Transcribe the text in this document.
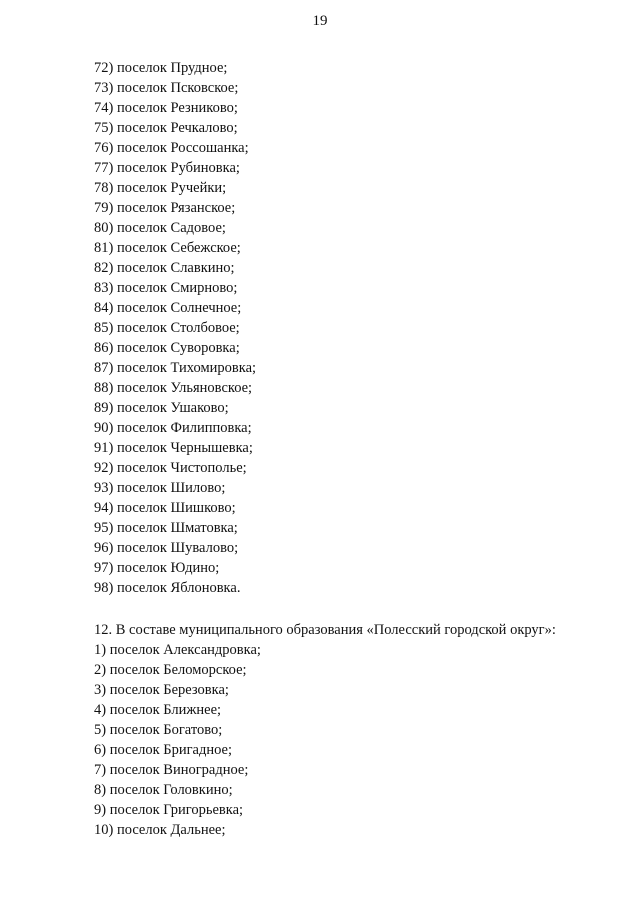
19
72) поселок Прудное;
73) поселок Псковское;
74) поселок Резниково;
75) поселок Речкалово;
76) поселок Россошанка;
77) поселок Рубиновка;
78) поселок Ручейки;
79) поселок Рязанское;
80) поселок Садовое;
81) поселок Себежское;
82) поселок Славкино;
83) поселок Смирново;
84) поселок Солнечное;
85) поселок Столбовое;
86) поселок Суворовка;
87) поселок Тихомировка;
88) поселок Ульяновское;
89) поселок Ушаково;
90) поселок Филипповка;
91) поселок Чернышевка;
92) поселок Чистополье;
93) поселок Шилово;
94) поселок Шишково;
95) поселок Шматовка;
96) поселок Шувалово;
97) поселок Юдино;
98) поселок Яблоновка.
12. В составе муниципального образования «Полесский городской округ»:
1) поселок Александровка;
2) поселок Беломорское;
3) поселок Березовка;
4) поселок Ближнее;
5) поселок Богатово;
6) поселок Бригадное;
7) поселок Виноградное;
8) поселок Головкино;
9) поселок Григорьевка;
10) поселок Дальнее;
